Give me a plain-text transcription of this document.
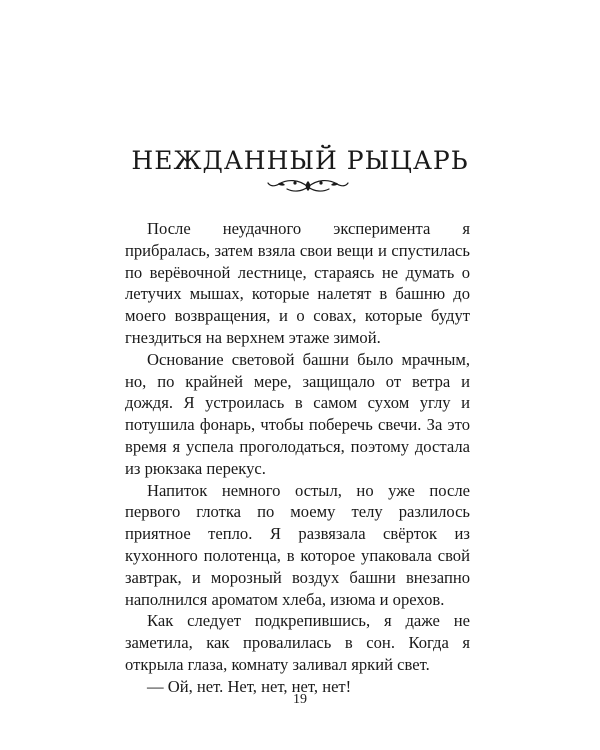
НЕЖДАННЫЙ РЫЦАРЬ

После неудачного эксперимента я прибралась, затем взяла свои вещи и спустилась по верёвочной лестнице, стараясь не думать о летучих мышах, которые налетят в башню до моего возвращения, и о совах, которые будут гнездиться на верхнем этаже зимой.

Основание световой башни было мрачным, но, по крайней мере, защищало от ветра и дождя. Я устроилась в самом сухом углу и потушила фонарь, чтобы поберечь свечи. За это время я успела проголодаться, поэтому достала из рюкзака перекус.

Напиток немного остыл, но уже после первого глотка по моему телу разлилось приятное тепло. Я развязала свёрток из кухонного полотенца, в которое упаковала свой завтрак, и морозный воздух башни внезапно наполнился ароматом хлеба, изюма и орехов.

Как следует подкрепившись, я даже не заметила, как провалилась в сон. Когда я открыла глаза, комнату заливал яркий свет.

— Ой, нет. Нет, нет, нет, нет!

19
